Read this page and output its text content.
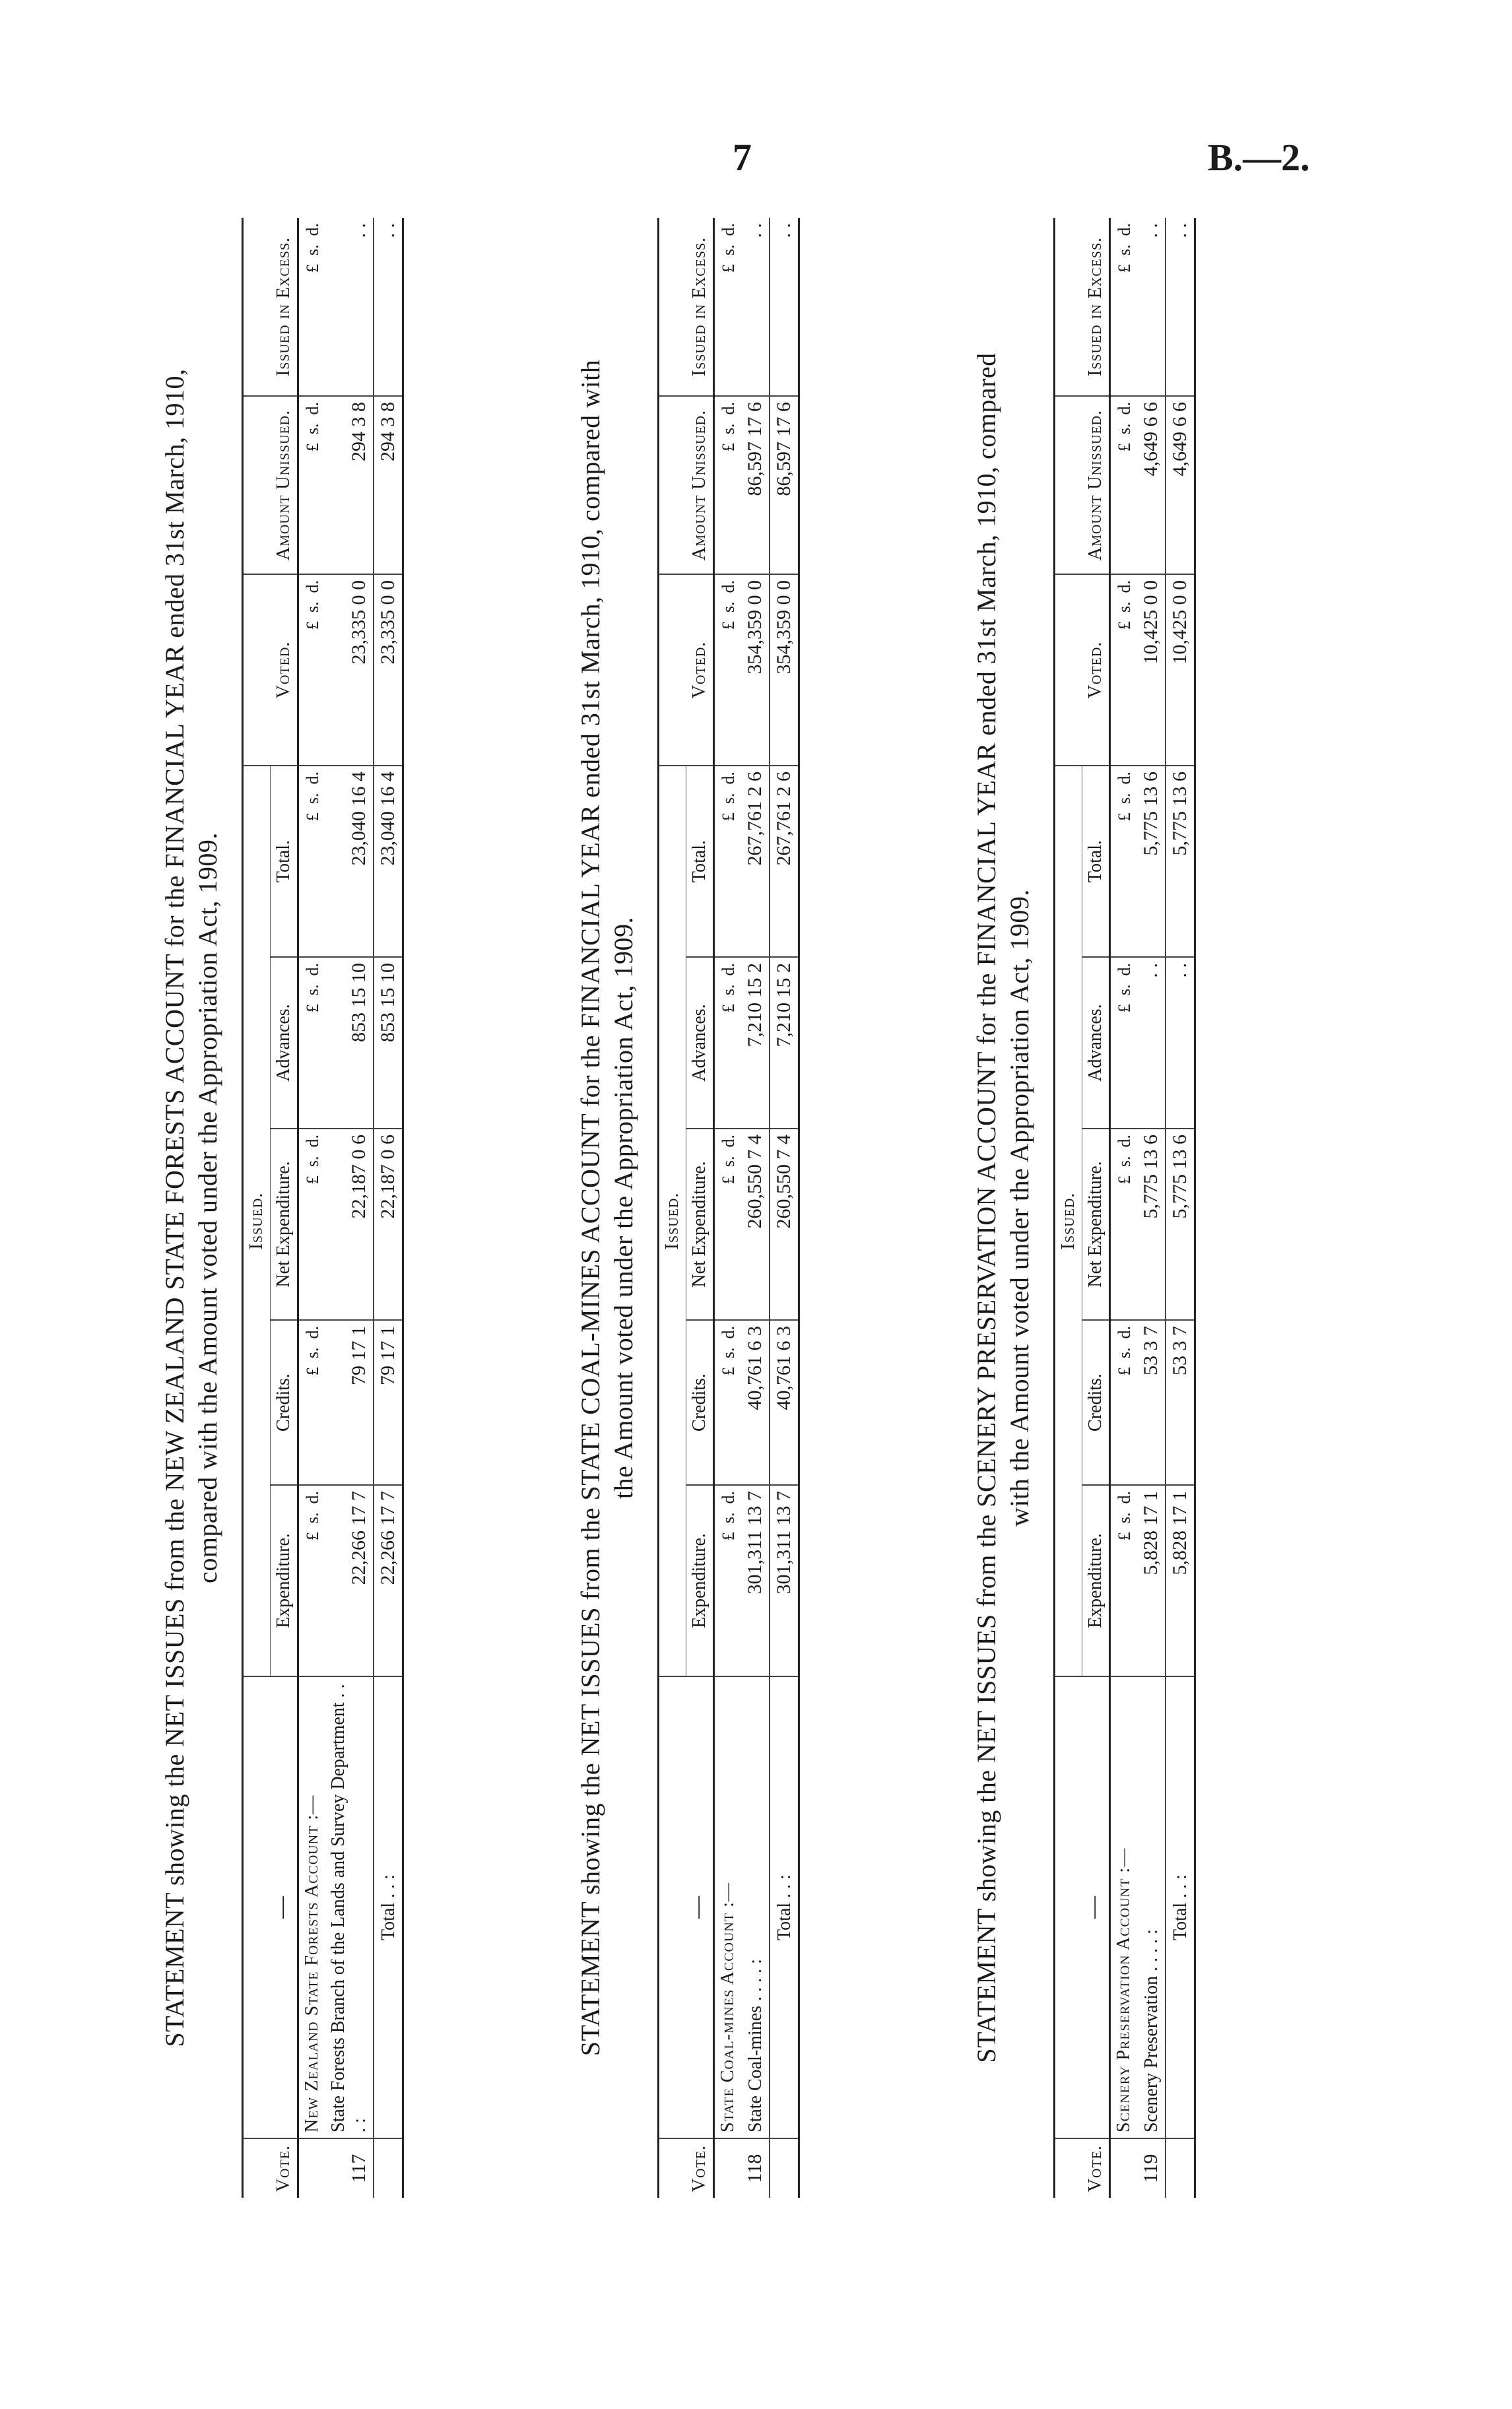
7	B.—2.
STATEMENT showing the NET ISSUES from the NEW ZEALAND STATE FORESTS ACCOUNT for the FINANCIAL YEAR ended 31st March, 1910, compared with the Amount voted under the Appropriation Act, 1909.
Vote.	—	Issued.					Voted.	Amount Unissued.	Issued in Excess.
		Expenditure.	Credits.	Net Expenditure.	Advances.	Total.			
117	New Zealand State Forests Account :—	£  s.  d.	£  s.  d.	£  s.  d.	£  s.  d.	£  s.  d.	£  s.  d.	£  s.  d.	£  s.  d.
	State Forests Branch of the Lands and Survey Department . . . :	22,266 17 7	79 17 1	22,187 0 6	853 15 10	23,040 16 4	23,335 0 0	294 3 8	. .
	Total . . :	22,266 17 7	79 17 1	22,187 0 6	853 15 10	23,040 16 4	23,335 0 0	294 3 8	. .
STATEMENT showing the NET ISSUES from the STATE COAL-MINES ACCOUNT for the FINANCIAL YEAR ended 31st March, 1910, compared with the Amount voted under the Appropriation Act, 1909.
Vote.	—	Issued.					Voted.	Amount Unissued.	Issued in Excess.
		Expenditure.	Credits.	Net Expenditure.	Advances.	Total.			
118	State Coal-mines Account :—	£  s.  d.	£  s.  d.	£  s.  d.	£  s.  d.	£  s.  d.	£  s.  d.	£  s.  d.	£  s.  d.
	State Coal-mines . . . . :	301,311 13 7	40,761 6 3	260,550 7 4	7,210 15 2	267,761 2 6	354,359 0 0	86,597 17 6	. .
	Total . . :	301,311 13 7	40,761 6 3	260,550 7 4	7,210 15 2	267,761 2 6	354,359 0 0	86,597 17 6	. .
STATEMENT showing the NET ISSUES from the SCENERY PRESERVATION ACCOUNT for the FINANCIAL YEAR ended 31st March, 1910, compared with the Amount voted under the Appropriation Act, 1909.
Vote.	—	Issued.					Voted.	Amount Unissued.	Issued in Excess.
		Expenditure.	Credits.	Net Expenditure.	Advances.	Total.			
119	Scenery Preservation Account :—	£  s.  d.	£  s.  d.	£  s.  d.	£  s.  d.	£  s.  d.	£  s.  d.	£  s.  d.	£  s.  d.
	Scenery Preservation . . . . :	5,828 17 1	53 3 7	5,775 13 6	. .	5,775 13 6	10,425 0 0	4,649 6 6	. .
	Total . . :	5,828 17 1	53 3 7	5,775 13 6	. .	5,775 13 6	10,425 0 0	4,649 6 6	. .
